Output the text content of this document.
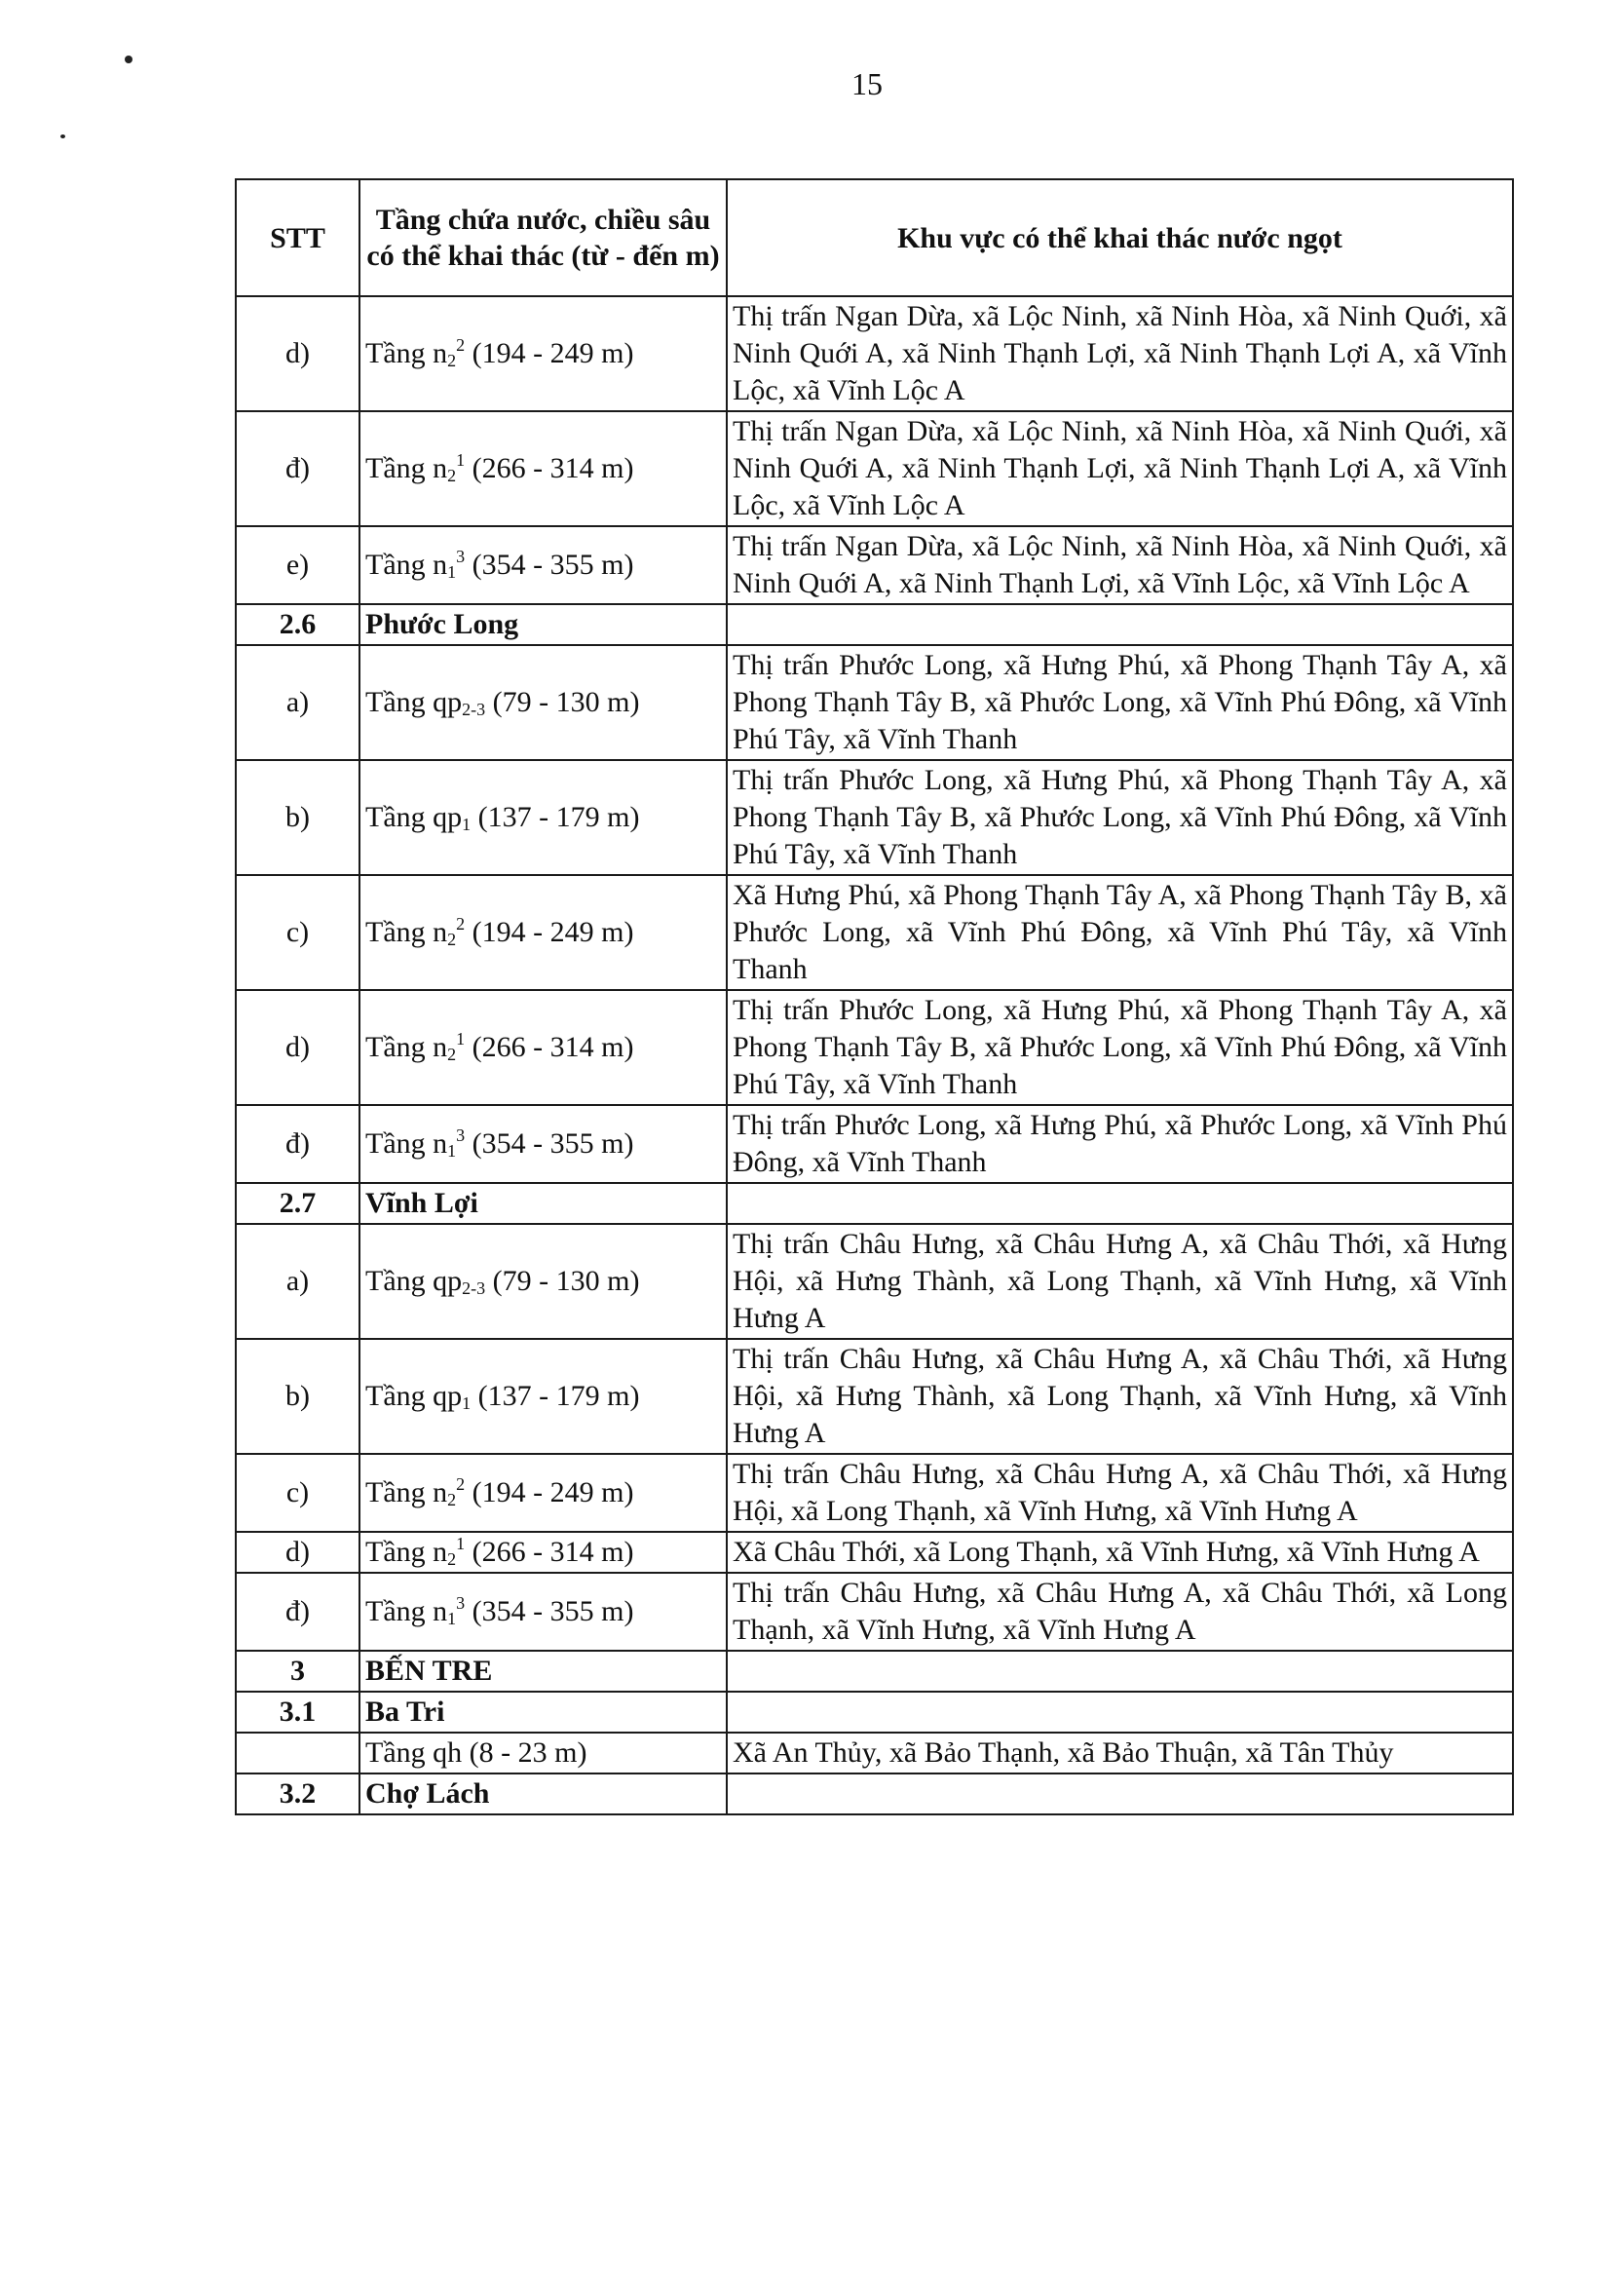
15
STT	Tầng chứa nước, chiều sâu có thể khai thác (từ - đến m)	Khu vực có thể khai thác nước ngọt
d)	Tầng $n_2^2$ (194 - 249 m)	Thị trấn Ngan Dừa, xã Lộc Ninh, xã Ninh Hòa, xã Ninh Quới, xã Ninh Quới A, xã Ninh Thạnh Lợi, xã Ninh Thạnh Lợi A, xã Vĩnh Lộc, xã Vĩnh Lộc A
đ)	Tầng $n_2^1$ (266 - 314 m)	Thị trấn Ngan Dừa, xã Lộc Ninh, xã Ninh Hòa, xã Ninh Quới, xã Ninh Quới A, xã Ninh Thạnh Lợi, xã Ninh Thạnh Lợi A, xã Vĩnh Lộc, xã Vĩnh Lộc A
e)	Tầng $n_1^3$ (354 - 355 m)	Thị trấn Ngan Dừa, xã Lộc Ninh, xã Ninh Hòa, xã Ninh Quới, xã Ninh Quới A, xã Ninh Thạnh Lợi, xã Vĩnh Lộc, xã Vĩnh Lộc A
2.6	Phước Long	
a)	Tầng $qp_{2-3}$ (79 - 130 m)	Thị trấn Phước Long, xã Hưng Phú, xã Phong Thạnh Tây A, xã Phong Thạnh Tây B, xã Phước Long, xã Vĩnh Phú Đông, xã Vĩnh Phú Tây, xã Vĩnh Thanh
b)	Tầng $qp_1$ (137 - 179 m)	Thị trấn Phước Long, xã Hưng Phú, xã Phong Thạnh Tây A, xã Phong Thạnh Tây B, xã Phước Long, xã Vĩnh Phú Đông, xã Vĩnh Phú Tây, xã Vĩnh Thanh
c)	Tầng $n_2^2$ (194 - 249 m)	Xã Hưng Phú, xã Phong Thạnh Tây A, xã Phong Thạnh Tây B, xã Phước Long, xã Vĩnh Phú Đông, xã Vĩnh Phú Tây, xã Vĩnh Thanh
d)	Tầng $n_2^1$ (266 - 314 m)	Thị trấn Phước Long, xã Hưng Phú, xã Phong Thạnh Tây A, xã Phong Thạnh Tây B, xã Phước Long, xã Vĩnh Phú Đông, xã Vĩnh Phú Tây, xã Vĩnh Thanh
đ)	Tầng $n_1^3$ (354 - 355 m)	Thị trấn Phước Long, xã Hưng Phú, xã Phước Long, xã Vĩnh Phú Đông, xã Vĩnh Thanh
2.7	Vĩnh Lợi	
a)	Tầng $qp_{2-3}$ (79 - 130 m)	Thị trấn Châu Hưng, xã Châu Hưng A, xã Châu Thới, xã Hưng Hội, xã Hưng Thành, xã Long Thạnh, xã Vĩnh Hưng, xã Vĩnh Hưng A
b)	Tầng $qp_1$ (137 - 179 m)	Thị trấn Châu Hưng, xã Châu Hưng A, xã Châu Thới, xã Hưng Hội, xã Hưng Thành, xã Long Thạnh, xã Vĩnh Hưng, xã Vĩnh Hưng A
c)	Tầng $n_2^2$ (194 - 249 m)	Thị trấn Châu Hưng, xã Châu Hưng A, xã Châu Thới, xã Hưng Hội, xã Long Thạnh, xã Vĩnh Hưng, xã Vĩnh Hưng A
d)	Tầng $n_2^1$ (266 - 314 m)	Xã Châu Thới, xã Long Thạnh, xã Vĩnh Hưng, xã Vĩnh Hưng A
đ)	Tầng $n_1^3$ (354 - 355 m)	Thị trấn Châu Hưng, xã Châu Hưng A, xã Châu Thới, xã Long Thạnh, xã Vĩnh Hưng, xã Vĩnh Hưng A
3	BẾN TRE	
3.1	Ba Tri	
	Tầng qh (8 - 23 m)	Xã An Thủy, xã Bảo Thạnh, xã Bảo Thuận, xã Tân Thủy
3.2	Chợ Lách	
